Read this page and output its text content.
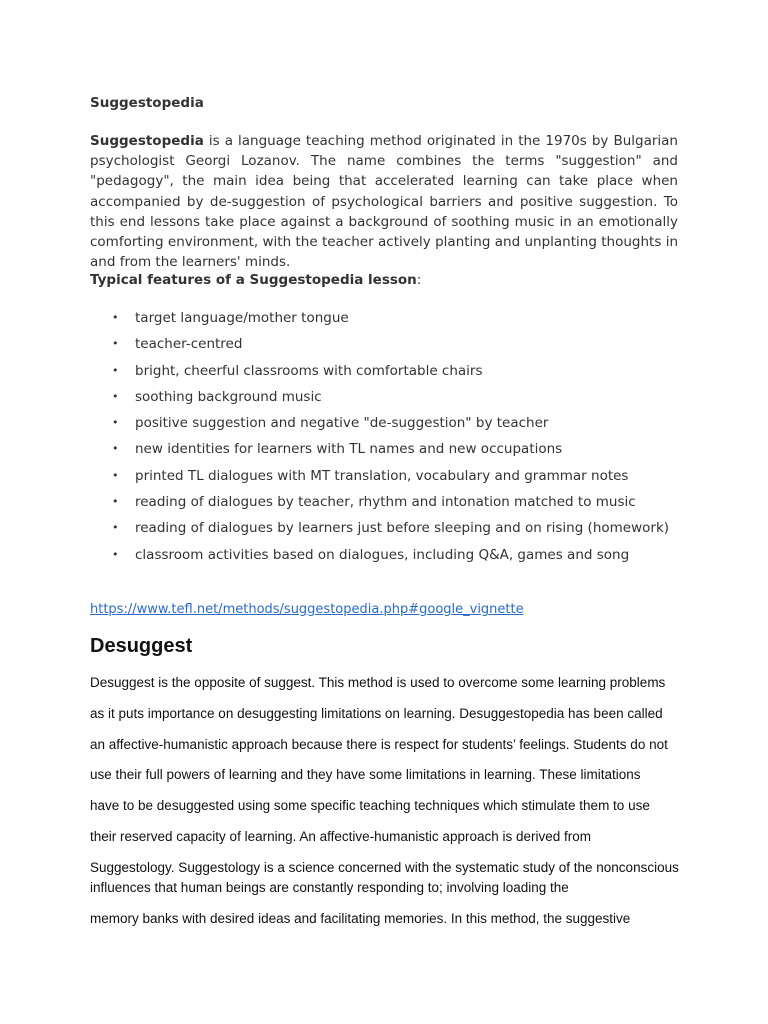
Suggestopedia

Suggestopedia is a language teaching method originated in the 1970s by Bulgarian psychologist Georgi Lozanov. The name combines the terms "suggestion" and "pedagogy", the main idea being that accelerated learning can take place when accompanied by de-suggestion of psychological barriers and positive suggestion. To this end lessons take place against a background of soothing music in an emotionally comforting environment, with the teacher actively planting and unplanting thoughts in and from the learners' minds.

Typical features of a Suggestopedia lesson:
• target language/mother tongue
• teacher-centred
• bright, cheerful classrooms with comfortable chairs
• soothing background music
• positive suggestion and negative "de-suggestion" by teacher
• new identities for learners with TL names and new occupations
• printed TL dialogues with MT translation, vocabulary and grammar notes
• reading of dialogues by teacher, rhythm and intonation matched to music
• reading of dialogues by learners just before sleeping and on rising (homework)
• classroom activities based on dialogues, including Q&A, games and song
https://www.tefl.net/methods/suggestopedia.php#google_vignette
Desuggest
Desuggest is the opposite of suggest. This method is used to overcome some learning problems
as it puts importance on desuggesting limitations on learning. Desuggestopedia has been called
an affective-humanistic approach because there is respect for students’ feelings. Students do not
use their full powers of learning and they have some limitations in learning. These limitations
have to be desuggested using some specific teaching techniques which stimulate them to use
their reserved capacity of learning. An affective-humanistic approach is derived from
Suggestology. Suggestology is a science concerned with the systematic study of the nonconscious
influences that human beings are constantly responding to; involving loading the
memory banks with desired ideas and facilitating memories. In this method, the suggestive
